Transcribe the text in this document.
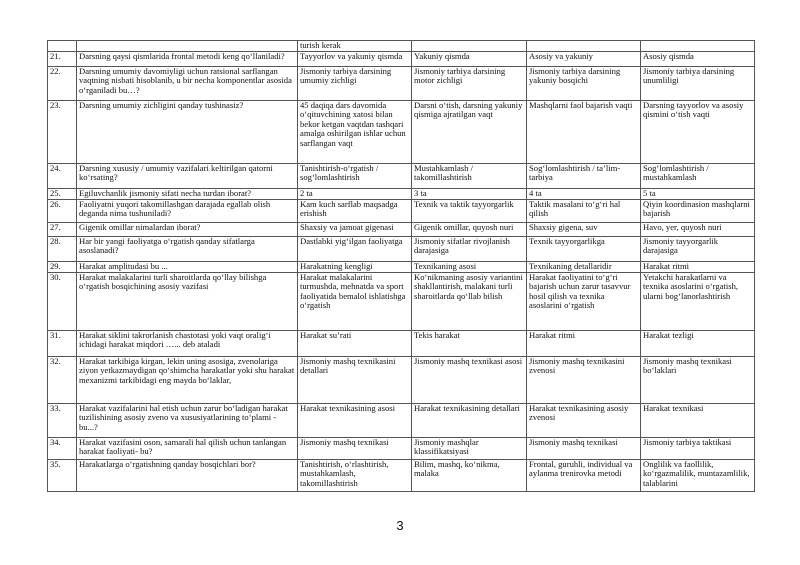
		turish kerak			
21.	Darsning qaysi qismlarida frontal metodi keng qo‘llaniladi?	Tayyorlov va yakuniy qismda	Yakuniy qismda	Asosiy va yakuniy	Asosiy qismda
22.	Darsning umumiy davomiyligi uchun ratsional sarflangan vaqtning nisbati hisoblanib, u bir necha komponentlar asosida o‘rganiladi bu…?	Jismoniy tarbiya darsining umumiy zichligi	Jismoniy tarbiya darsining motor zichligi	Jismoniy tarbiya darsining yakuniy bosqichi	Jismoniy tarbiya darsining unumliligi
23.	Darsning umumiy zichligini qanday tushinasiz?	45 daqiqa dars davomida o‘qituvchining xatosi bilan bekor ketgan vaqtdan tashqari amalga oshirilgan ishlar uchun sarflangan vaqt	Darsni o‘tish, darsning yakuniy qismiga ajratilgan vaqt	Mashqlarni faol bajarish vaqti	Darsning tayyorlov va asosiy qismini o‘tish vaqti
24.	Darsning xususiy / umumiy vazifalari keltirilgan qatorni ko‘rsating?	Tanishtirish-o‘rgatish / sog‘lomlashtirish	Mustahkamlash / takomillashtirish	Sog‘lomlashtirish / ta’lim-tarbiya	Sog‘lomlashtirish / mustahkamlash
25.	Egiluvchanlik jismoniy sifati necha turdan iborat?	2 ta	3 ta	4 ta	5 ta
26.	Faoliyatni yuqori takomillashgan darajada egallab olish deganda nima tushuniladi?	Kam kuch sarflab maqsadga erishish	Texnik va taktik tayyorgarlik	Taktik masalani to‘g‘ri hal qilish	Qiyin koordinasion mashqlarni bajarish
27.	Gigenik omillar nimalardan iborat?	Shaxsiy va jamoat gigenasi	Gigenik omillar, quyosh nuri	Shaxsiy gigena, suv	Havo, yer, quyosh nuri
28.	Har bir yangi faoliyatga o‘rgatish qanday sifatlarga asoslanadi?	Dastlabki yig‘ilgan faoliyatga	Jismoniy sifatlar rivojlanish darajasiga	Texnik tayyorgarlikga	Jismoniy tayyorgarlik darajasiga
29.	Harakat amplitudasi bu ...	Harakatning kengligi	Texnikaning asosi	Texnikaning detallaridir	Harakat ritmi
30.	Harakat malakalarini turli sharoitlarda qo‘llay bilishga o‘rgatish bosqichining asosiy vazifasi	Harakat malakalarini turmushda, mehnatda va sport faoliyatida bemalol ishlatishga o‘rgatish	Ko‘nikmaning asosiy variantini shakllantirish, malakani turli sharoitlarda qo‘llab bilish	Harakat faoliyatini to‘g‘ri bajarish uchun zarur tasavvur hosil qilish va texnika asoslarini o‘rgatish	Yetakchi harakatlarni va texnika asoslarini o‘rgatish, ularni bog‘lanorlashtirish
31.	Harakat siklini takrorlanish chastotasi yoki vaqt oralig‘i ichidagi harakat miqdori …... deb ataladi	Harakat su’rati	Tekis harakat	Harakat ritmi	Harakat tezligi
32.	Harakat tarkibiga kirgan, lekin uning asosiga, zvenolariga ziyon yetkazmaydigan qo‘shimcha harakatlar yoki shu harakat mexanizmi tarkibidagi eng mayda bo‘laklar,	Jismoniy mashq texnikasini detallari	Jismoniy mashq texnikasi asosi	Jismoniy mashq texnikasini zvenosi	Jismoniy mashq texnikasi bo‘laklari
33.	Harakat vazifalarini hal etish uchun zarur bo‘ladigan harakat tuzilishining asosiy zveno va xususiyatlarining to‘plami - bu...?	Harakat texnikasining asosi	Harakat texnikasining detallari	Harakat texnikasining asosiy zvenosi	Harakat texnikasi
34.	Harakat vazifasini oson, samarali hal qilish uchun tanlangan harakat faoliyati- bu?	Jismoniy mashq texnikasi	Jismoniy mashqlar klassifikatsiyasi	Jismoniy mashq texnikasi	Jismoniy tarbiya taktikasi
35.	Harakatlarga o‘rgatishning qanday bosqichlari bor?	Tanishtirish, o‘rlashtirish, mustahkamlash, takomillashtirish	Bilim, mashq, ko‘nikma, malaka	Frontal, guruhli, individual va aylanma trenirovka metodi	Onglilik va faollilik, ko‘rgazmalilik, muntazamlilik, talablarini
3
